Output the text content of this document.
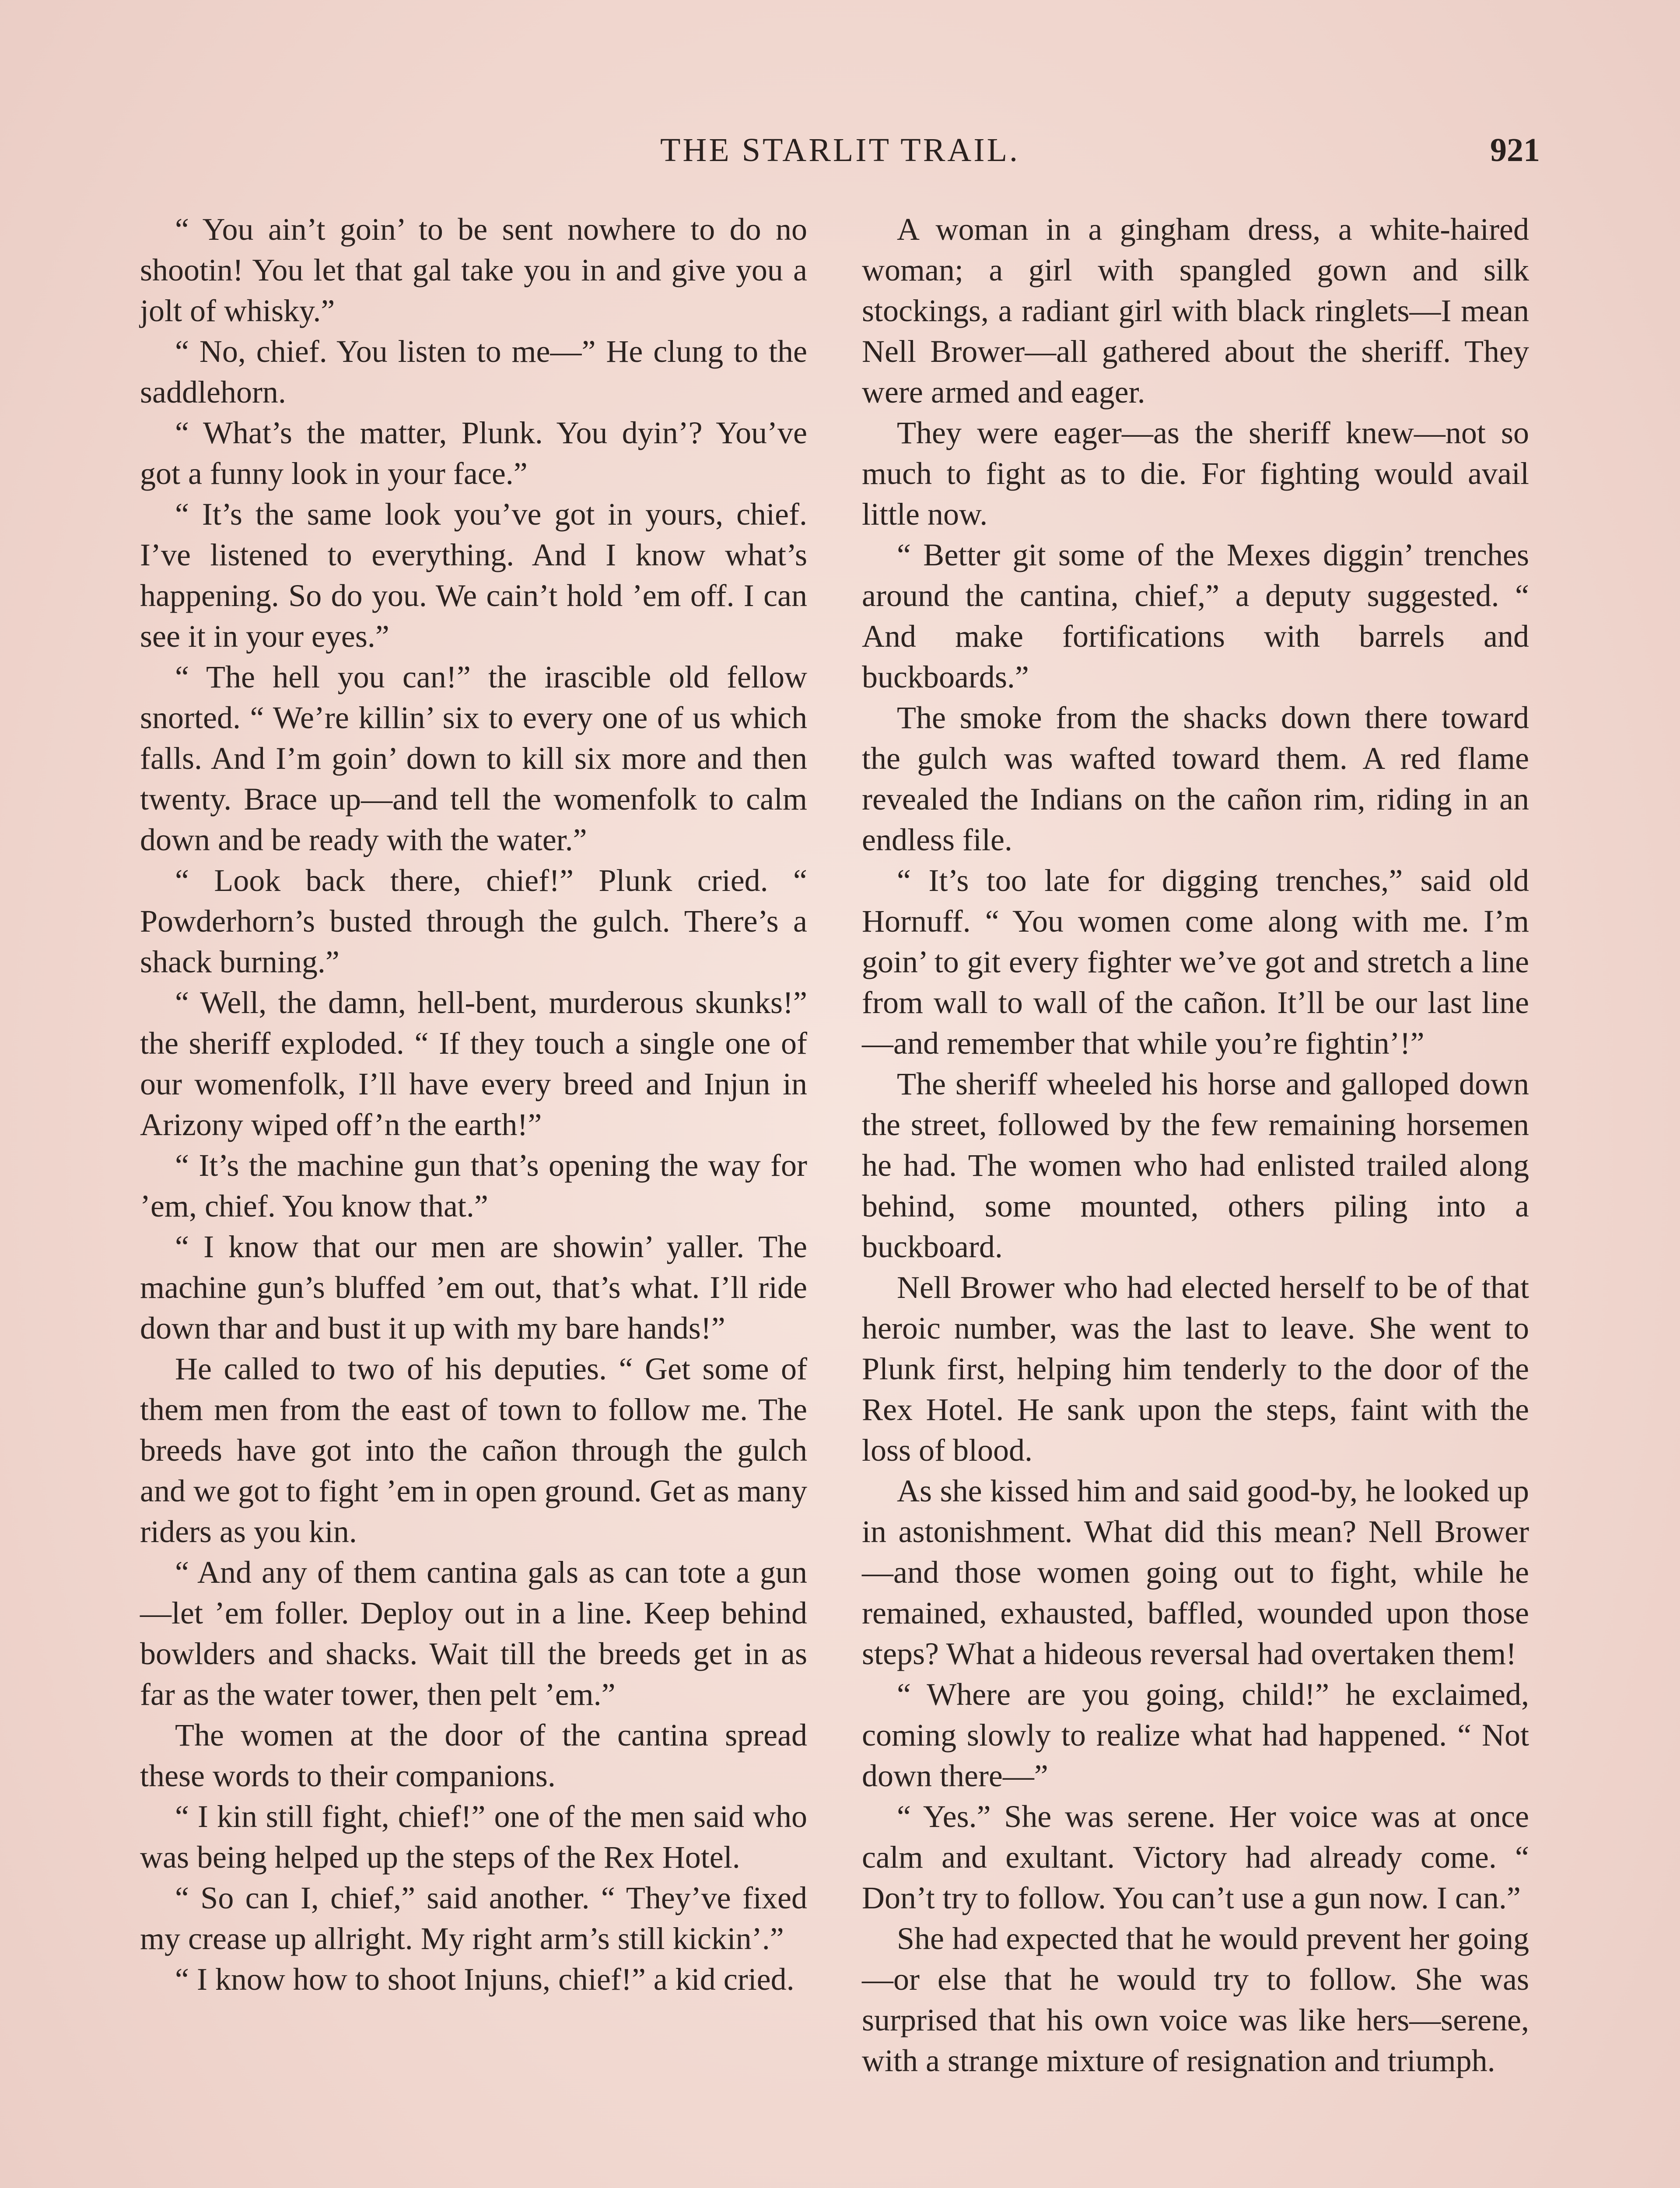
THE STARLIT TRAIL.	921

“ You ain’t goin’ to be sent nowhere to do no shootin! You let that gal take you in and give you a jolt of whisky.”

“ No, chief. You listen to me—” He clung to the saddlehorn.

“ What’s the matter, Plunk. You dyin’? You’ve got a funny look in your face.”

“ It’s the same look you’ve got in yours, chief. I’ve listened to everything. And I know what’s happening. So do you. We cain’t hold ’em off. I can see it in your eyes.”

“ The hell you can!” the irascible old fellow snorted. “ We’re killin’ six to every one of us which falls. And I’m goin’ down to kill six more and then twenty. Brace up—and tell the womenfolk to calm down and be ready with the water.”

“ Look back there, chief!” Plunk cried. “ Powderhorn’s busted through the gulch. There’s a shack burning.”

“ Well, the damn, hell-bent, murderous skunks!” the sheriff exploded. “ If they touch a single one of our womenfolk, I’ll have every breed and Injun in Arizony wiped off’n the earth!”

“ It’s the machine gun that’s opening the way for ’em, chief. You know that.”

“ I know that our men are showin’ yaller. The machine gun’s bluffed ’em out, that’s what. I’ll ride down thar and bust it up with my bare hands!”

He called to two of his deputies. “ Get some of them men from the east of town to follow me. The breeds have got into the cañon through the gulch and we got to fight ’em in open ground. Get as many riders as you kin.

“ And any of them cantina gals as can tote a gun—let ’em foller. Deploy out in a line. Keep behind bowlders and shacks. Wait till the breeds get in as far as the water tower, then pelt ’em.”

The women at the door of the cantina spread these words to their companions.

“ I kin still fight, chief!” one of the men said who was being helped up the steps of the Rex Hotel.

“ So can I, chief,” said another. “ They’ve fixed my crease up allright. My right arm’s still kickin’.”

“ I know how to shoot Injuns, chief!” a kid cried.

A woman in a gingham dress, a white-haired woman; a girl with spangled gown and silk stockings, a radiant girl with black ringlets—I mean Nell Brower—all gathered about the sheriff. They were armed and eager.

They were eager—as the sheriff knew—not so much to fight as to die. For fighting would avail little now.

“ Better git some of the Mexes diggin’ trenches around the cantina, chief,” a deputy suggested. “ And make fortifications with barrels and buckboards.”

The smoke from the shacks down there toward the gulch was wafted toward them. A red flame revealed the Indians on the cañon rim, riding in an endless file.

“ It’s too late for digging trenches,” said old Hornuff. “ You women come along with me. I’m goin’ to git every fighter we’ve got and stretch a line from wall to wall of the cañon. It’ll be our last line—and remember that while you’re fightin’!”

The sheriff wheeled his horse and galloped down the street, followed by the few remaining horsemen he had. The women who had enlisted trailed along behind, some mounted, others piling into a buckboard.

Nell Brower who had elected herself to be of that heroic number, was the last to leave. She went to Plunk first, helping him tenderly to the door of the Rex Hotel. He sank upon the steps, faint with the loss of blood.

As she kissed him and said good-by, he looked up in astonishment. What did this mean? Nell Brower—and those women going out to fight, while he remained, exhausted, baffled, wounded upon those steps? What a hideous reversal had overtaken them!

“ Where are you going, child!” he exclaimed, coming slowly to realize what had happened. “ Not down there—”

“ Yes.” She was serene. Her voice was at once calm and exultant. Victory had already come. “ Don’t try to follow. You can’t use a gun now. I can.”

She had expected that he would prevent her going—or else that he would try to follow. She was surprised that his own voice was like hers—serene, with a strange mixture of resignation and triumph.
